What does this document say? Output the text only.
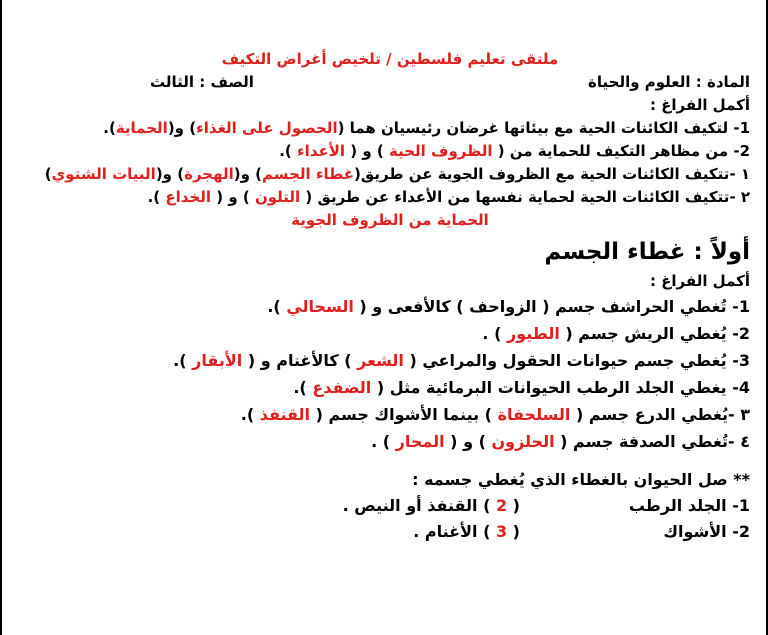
ملتقى تعليم فلسطين / تلخيص أغراض التكيف
المادة : العلوم والحياة
الصف : الثالث
أكمل الفراغ :
1- لتكيف الكائنات الحية مع بيئاتها غرضان رئيسيان هما (الحصول على الغذاء) و(الحماية).
2- من مظاهر التكيف للحماية من ( الظروف الحية ) و ( الأعداء ).
١ -تتكيف الكائنات الحية مع الظروف الجوية عن طريق(غطاء الجسم) و(الهجرة) و(البيات الشتوي)
٢ -تتكيف الكائنات الحية لحماية نفسها من الأعداء عن طريق ( التلون ) و ( الخداع ).
الحماية من الظروف الجوية
أولاً : غطاء الجسم
أكمل الفراغ :
1- تُغطي الحراشف جسم ( الزواحف ) كالأفعى و ( السحالي ).
2- يُغطي الريش جسم ( الطيور ) .
3- يُغطي جسم حيوانات الحقول والمراعي ( الشعر ) كالأغنام و ( الأبقار ).
4- يغطي الجلد الرطب الحيوانات البرمائية مثل ( الضفدع ).
٣ -يُغطي الدرع جسم ( السلحفاة ) بينما الأشواك جسم ( القنفذ ).
٤ -تُغطي الصدفة جسم ( الحلزون ) و ( المحار ) .
** صل الحيوان بالغطاء الذي يُغطي جسمه :
1- الجلد الرطب
( 2 ) القنفذ أو النيص .
2- الأشواك
( 3 ) الأغنام .
